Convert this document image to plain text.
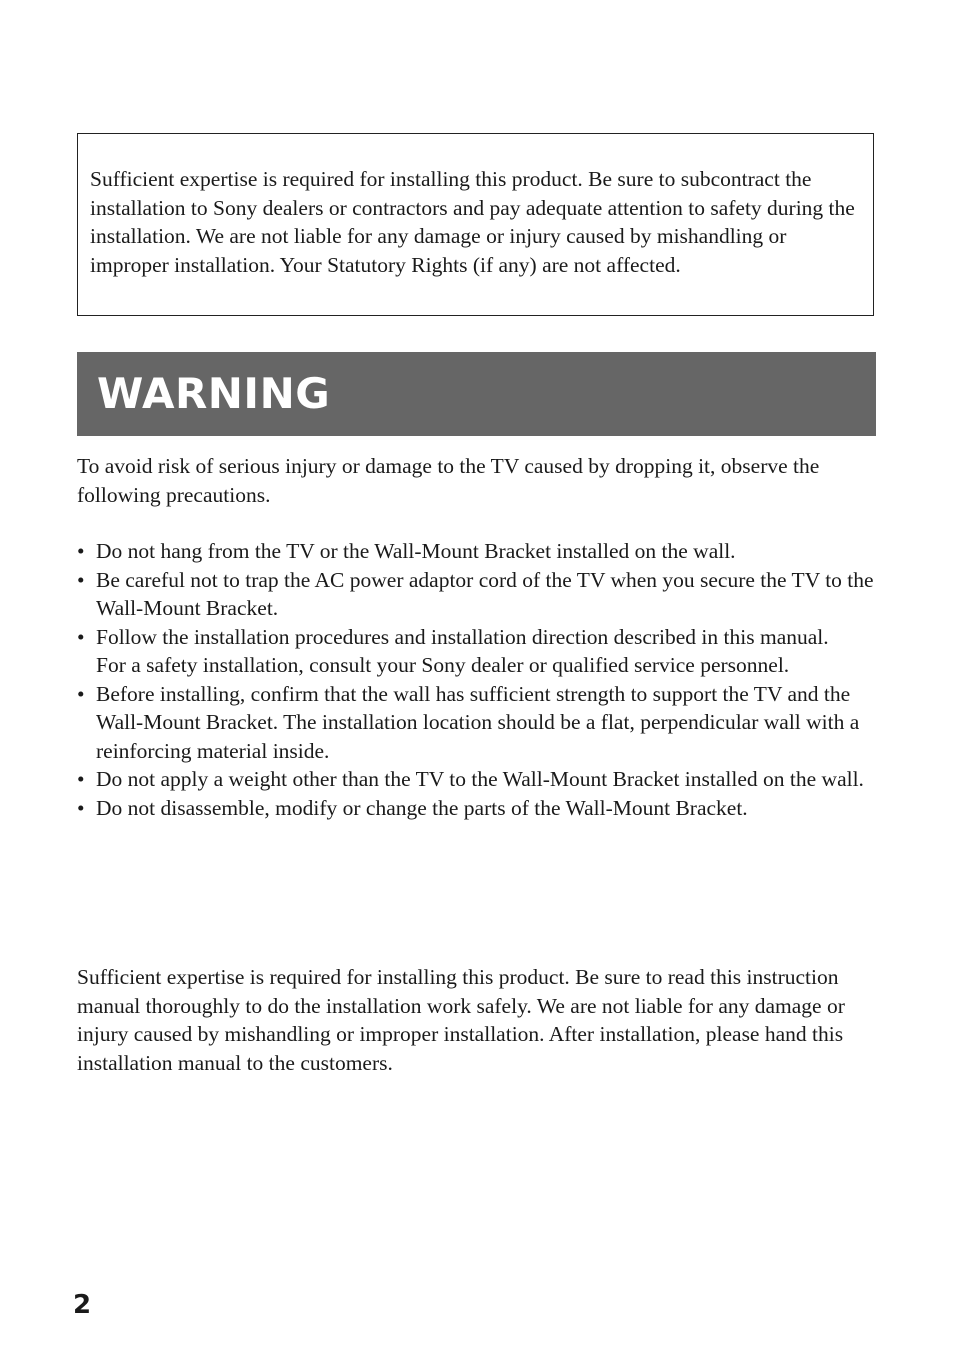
Sufficient expertise is required for installing this product. Be sure to subcontract the installation to Sony dealers or contractors and pay adequate attention to safety during the installation. We are not liable for any damage or injury caused by mishandling or improper installation. Your Statutory Rights (if any) are not affected.
WARNING

To avoid risk of serious injury or damage to the TV caused by dropping it, observe the following precautions.

• Do not hang from the TV or the Wall-Mount Bracket installed on the wall.
• Be careful not to trap the AC power adaptor cord of the TV when you secure the TV to the Wall-Mount Bracket.
• Follow the installation procedures and installation direction described in this manual.
For a safety installation, consult your Sony dealer or qualified service personnel.
• Before installing, confirm that the wall has sufficient strength to support the TV and the Wall-Mount Bracket. The installation location should be a flat, perpendicular wall with a reinforcing material inside.
• Do not apply a weight other than the TV to the Wall-Mount Bracket installed on the wall.
• Do not disassemble, modify or change the parts of the Wall-Mount Bracket.

Sufficient expertise is required for installing this product. Be sure to read this instruction manual thoroughly to do the installation work safely. We are not liable for any damage or injury caused by mishandling or improper installation. After installation, please hand this installation manual to the customers.

2
